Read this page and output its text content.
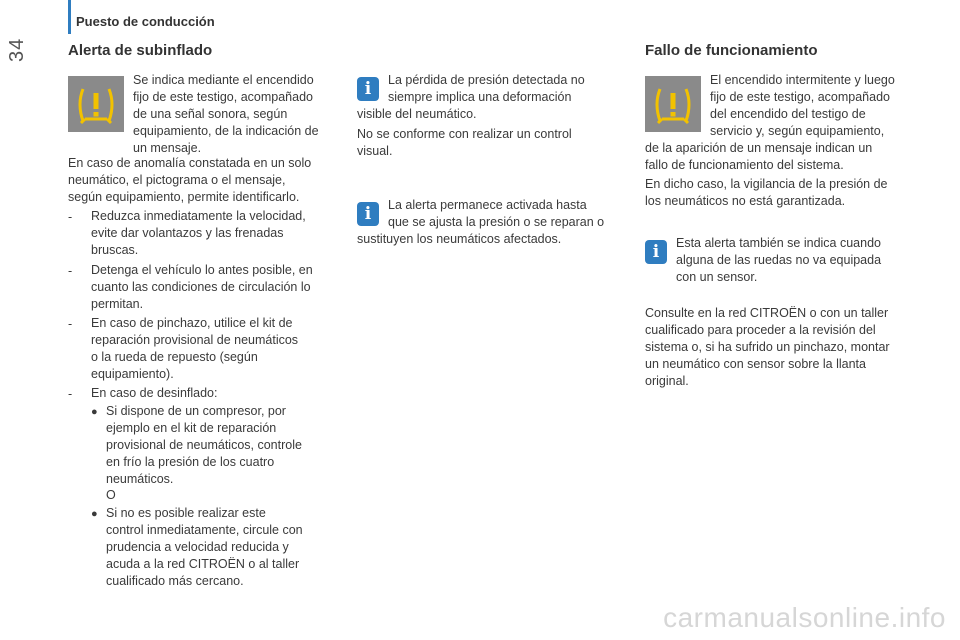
34
Puesto de conducción
Alerta de subinflado
Se indica mediante el encendido
fijo de este testigo, acompañado
de una señal sonora, según
equipamiento, de la indicación de
un mensaje.
En caso de anomalía constatada en un solo
neumático, el pictograma o el mensaje,
según equipamiento, permite identificarlo.
- Reduzca inmediatamente la velocidad,
evite dar volantazos y las frenadas
bruscas.
- Detenga el vehículo lo antes posible, en
cuanto las condiciones de circulación lo
permitan.
- En caso de pinchazo, utilice el kit de
reparación provisional de neumáticos
o la rueda de repuesto (según
equipamiento).
- En caso de desinflado:
● Si dispone de un compresor, por
ejemplo en el kit de reparación
provisional de neumáticos, controle
en frío la presión de los cuatro
neumáticos.
O
● Si no es posible realizar este
control inmediatamente, circule con
prudencia a velocidad reducida y
acuda a la red CITROËN o al taller
cualificado más cercano.
i	La pérdida de presión detectada no
siempre implica una deformación
visible del neumático.
No se conforme con realizar un control
visual.
i	La alerta permanece activada hasta
que se ajusta la presión o se reparan o
sustituyen los neumáticos afectados.
Fallo de funcionamiento
El encendido intermitente y luego
fijo de este testigo, acompañado
del encendido del testigo de
servicio y, según equipamiento,
de la aparición de un mensaje indican un
fallo de funcionamiento del sistema.
En dicho caso, la vigilancia de la presión de
los neumáticos no está garantizada.
i	Esta alerta también se indica cuando
alguna de las ruedas no va equipada
con un sensor.
Consulte en la red CITROËN o con un taller
cualificado para proceder a la revisión del
sistema o, si ha sufrido un pinchazo, montar
un neumático con sensor sobre la llanta
original.
carmanualsonline.info
